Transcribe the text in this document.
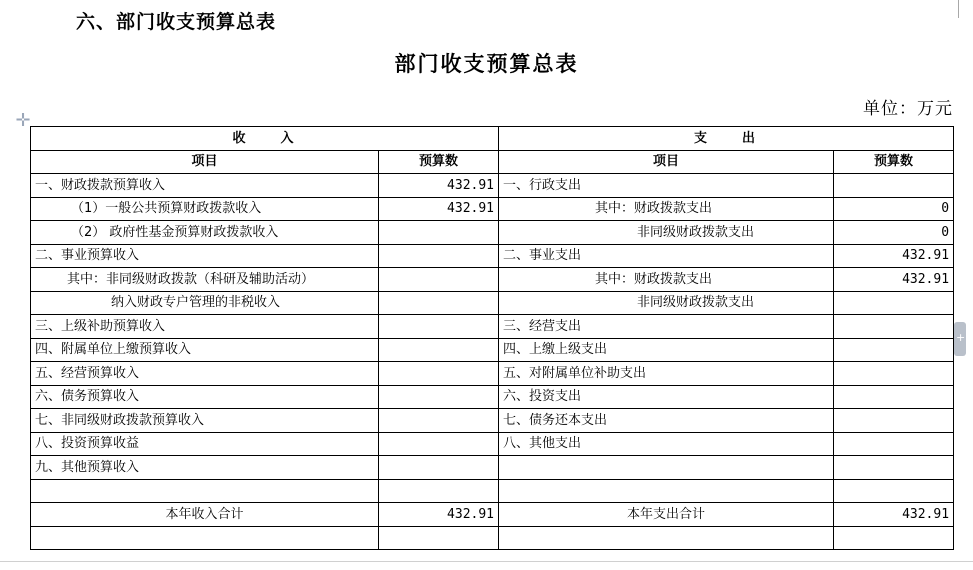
六、部门收支预算总表
部门收支预算总表
单位：万元
✛
+
收　　入		支　　出	
项目	预算数	项目	预算数
一、财政拨款预算收入	432.91	一、行政支出	
（1）一般公共预算财政拨款收入	432.91	其中：财政拨款支出	0
（2） 政府性基金预算财政拨款收入		非同级财政拨款支出	0
二、事业预算收入		二、事业支出	432.91
其中：非同级财政拨款（科研及辅助活动）		其中：财政拨款支出	432.91
纳入财政专户管理的非税收入		非同级财政拨款支出	
三、上级补助预算收入		三、经营支出	
四、附属单位上缴预算收入		四、上缴上级支出	
五、经营预算收入		五、对附属单位补助支出	
六、债务预算收入		六、投资支出	
七、非同级财政拨款预算收入		七、债务还本支出	
八、投资预算收益		八、其他支出	
九、其他预算收入			

本年收入合计	432.91	本年支出合计	432.91
